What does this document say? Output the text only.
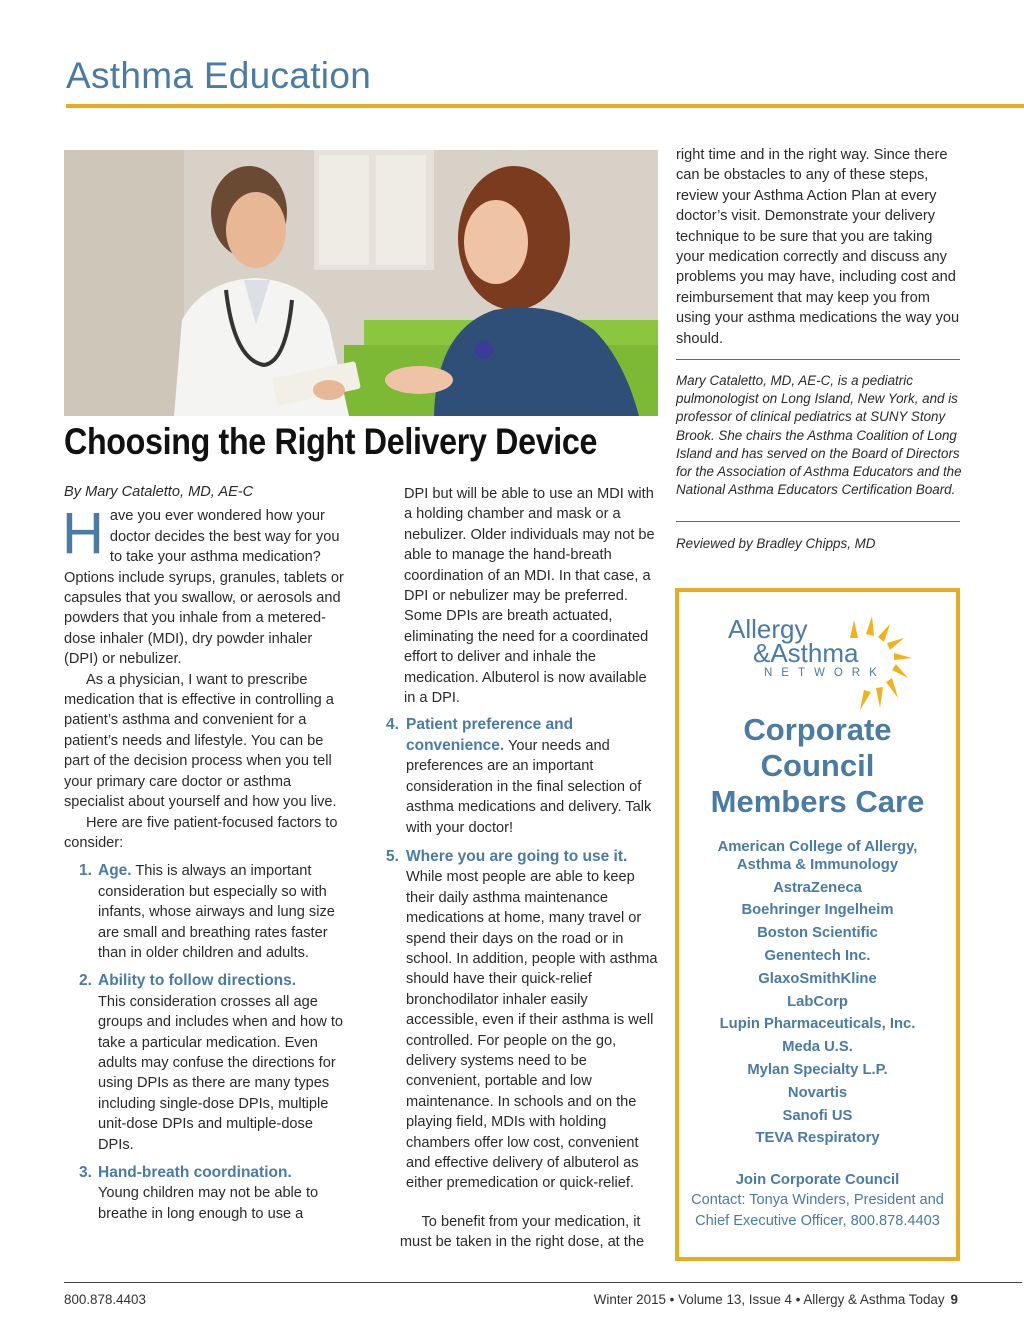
Asthma Education
Choosing the Right Delivery Device

By Mary Cataletto, MD, AE-C

Have you ever wondered how your doctor decides the best way for you to take your asthma medication? Options include syrups, granules, tablets or capsules that you swallow, or aerosols and powders that you inhale from a metered-dose inhaler (MDI), dry powder inhaler (DPI) or nebulizer.

As a physician, I want to prescribe medication that is effective in controlling a patient’s asthma and convenient for a patient’s needs and lifestyle. You can be part of the decision process when you tell your primary care doctor or asthma specialist about yourself and how you live.

Here are five patient-focused factors to consider:

1. Age. This is always an important consideration but especially so with infants, whose airways and lung size are small and breathing rates faster than in older children and adults.
2. Ability to follow directions.
This consideration crosses all age groups and includes when and how to take a particular medication. Even adults may confuse the directions for using DPIs as there are many types including single-dose DPIs, multiple unit-dose DPIs and multiple-dose DPIs.
3. Hand-breath coordination.
Young children may not be able to breathe in long enough to use a

DPI but will be able to use an MDI with a holding chamber and mask or a nebulizer. Older individuals may not be able to manage the hand-breath coordination of an MDI. In that case, a DPI or nebulizer may be preferred. Some DPIs are breath actuated, eliminating the need for a coordinated effort to deliver and inhale the medication. Albuterol is now available in a DPI.

4. Patient preference and convenience. Your needs and preferences are an important consideration in the final selection of asthma medications and delivery. Talk with your doctor!
5. Where you are going to use it. While most people are able to keep their daily asthma maintenance medications at home, many travel or spend their days on the road or in school. In addition, people with asthma should have their quick-relief bronchodilator inhaler easily accessible, even if their asthma is well controlled. For people on the go, delivery systems need to be convenient, portable and low maintenance. In schools and on the playing field, MDIs with holding chambers offer low cost, convenient and effective delivery of albuterol as either premedication or quick-relief.

To benefit from your medication, it must be taken in the right dose, at the

right time and in the right way. Since there can be obstacles to any of these steps, review your Asthma Action Plan at every doctor’s visit. Demonstrate your delivery technique to be sure that you are taking your medication correctly and discuss any problems you may have, including cost and reimbursement that may keep you from using your asthma medications the way you should.
Mary Cataletto, MD, AE-C, is a pediatric pulmonologist on Long Island, New York, and is professor of clinical pediatrics at SUNY Stony Brook. She chairs the Asthma Coalition of Long Island and has served on the Board of Directors for the Association of Asthma Educators and the National Asthma Educators Certification Board.
Reviewed by Bradley Chipps, MD
Allergy
&Asthma
NETWORK
Corporate
Council
Members Care
American College of Allergy, Asthma & Immunology
AstraZeneca
Boehringer Ingelheim
Boston Scientific
Genentech Inc.
GlaxoSmithKline
LabCorp
Lupin Pharmaceuticals, Inc.
Meda U.S.
Mylan Specialty L.P.
Novartis
Sanofi US
TEVA Respiratory
Join Corporate Council
Contact: Tonya Winders, President and Chief Executive Officer, 800.878.4403
800.878.4403	Winter 2015 • Volume 13, Issue 4 • Allergy & Asthma Today 9
